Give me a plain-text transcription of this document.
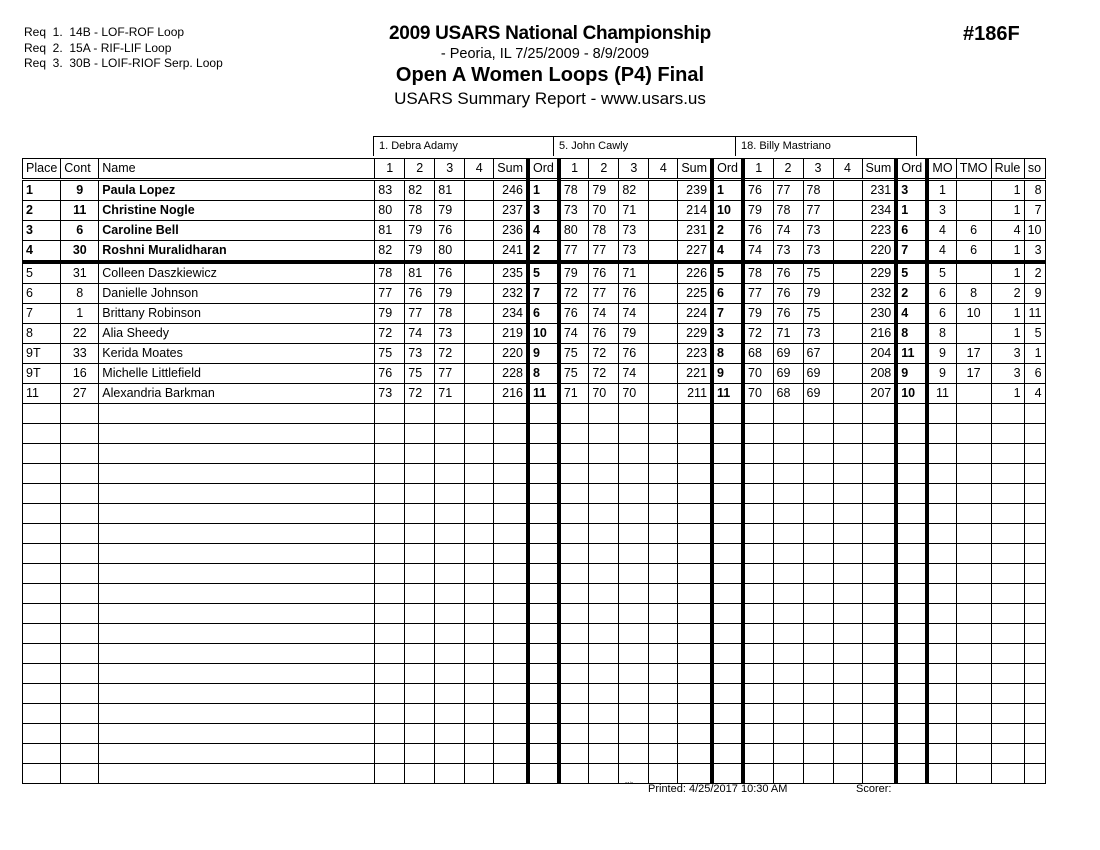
Req  1.  14B - LOF-ROF Loop
Req  2.  15A - RIF-LIF Loop
Req  3.  30B - LOIF-RIOF Serp. Loop
2009 USARS National Championship
- Peoria, IL 7/25/2009 - 8/9/2009
Open A Women Loops (P4) Final
USARS Summary Report - www.usars.us
#186F
1. Debra Adamy	5. John Cawly	18. Billy Mastriano
Place	Cont	Name	1	2	3	4	Sum	Ord	1	2	3	4	Sum	Ord	1	2	3	4	Sum	Ord	MO	TMO	Rule	so
1	9	Paula Lopez	83	82	81		246	1	78	79	82		239	1	76	77	78		231	3	1		1	8
2	11	Christine Nogle	80	78	79		237	3	73	70	71		214	10	79	78	77		234	1	3		1	7
3	6	Caroline Bell	81	79	76		236	4	80	78	73		231	2	76	74	73		223	6	4	6	4	10
4	30	Roshni Muralidharan	82	79	80		241	2	77	77	73		227	4	74	73	73		220	7	4	6	1	3
5	31	Colleen Daszkiewicz	78	81	76		235	5	79	76	71		226	5	78	76	75		229	5	5		1	2
6	8	Danielle Johnson	77	76	79		232	7	72	77	76		225	6	77	76	79		232	2	6	8	2	9
7	1	Brittany Robinson	79	77	78		234	6	76	74	74		224	7	79	76	75		230	4	6	10	1	11
8	22	Alia Sheedy	72	74	73		219	10	74	76	79		229	3	72	71	73		216	8	8		1	5
9T	33	Kerida Moates	75	73	72		220	9	75	72	76		223	8	68	69	67		204	11	9	17	3	1
9T	16	Michelle Littlefield	76	75	77		228	8	75	72	74		221	9	70	69	69		208	9	9	17	3	6
11	27	Alexandria Barkman	73	72	71		216	11	71	70	70		211	11	70	68	69		207	10	11		1	4

ᵃᵃᴵᵃ Printed: 4/25/2017 10:30 AM	Scorer:
